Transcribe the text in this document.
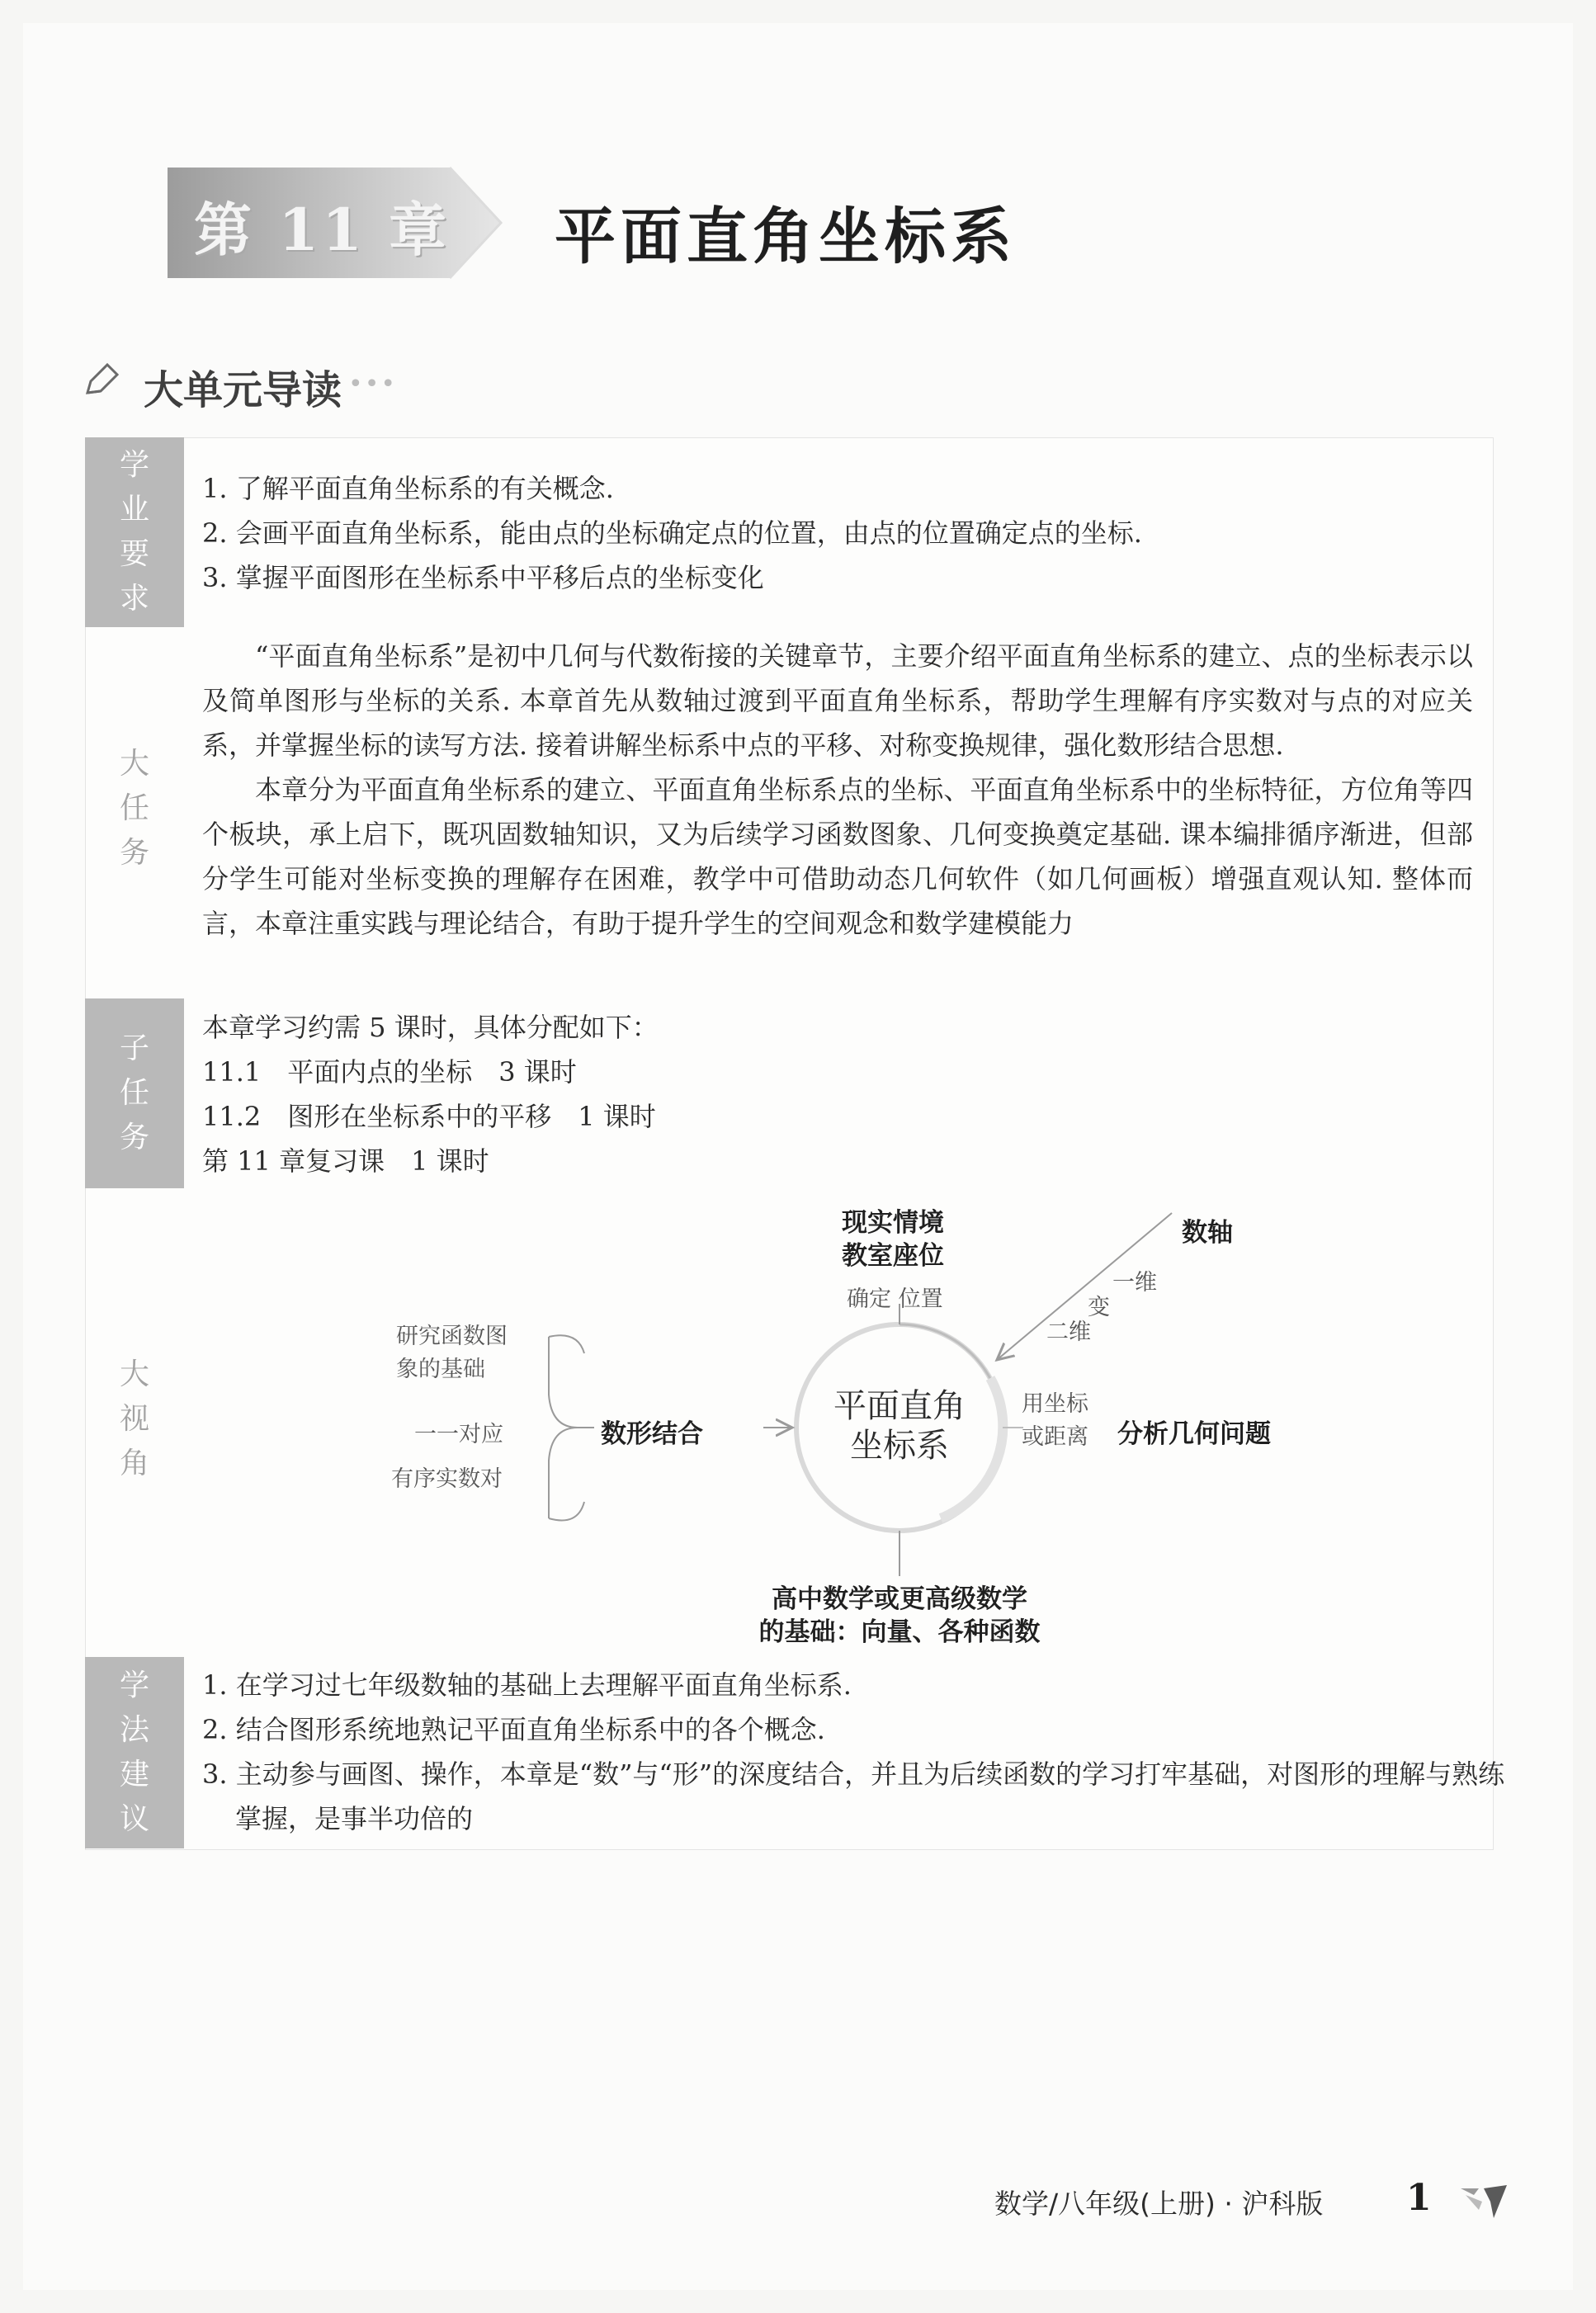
第 11 章 平面直角坐标系
大单元导读 •••
学
业
要
求

1. 了解平面直角坐标系的有关概念.

2. 会画平面直角坐标系，能由点的坐标确定点的位置，由点的位置确定点的坐标.

3. 掌握平面图形在坐标系中平移后点的坐标变化

大
任
务

“平面直角坐标系”是初中几何与代数衔接的关键章节，主要介绍平面直角坐标系的建立、点的坐标表示以及简单图形与坐标的关系. 本章首先从数轴过渡到平面直角坐标系，帮助学生理解有序实数对与点的对应关系，并掌握坐标的读写方法. 接着讲解坐标系中点的平移、对称变换规律，强化数形结合思想.

本章分为平面直角坐标系的建立、平面直角坐标系点的坐标、平面直角坐标系中的坐标特征，方位角等四个板块，承上启下，既巩固数轴知识，又为后续学习函数图象、几何变换奠定基础. 课本编排循序渐进，但部分学生可能对坐标变换的理解存在困难，教学中可借助动态几何软件（如几何画板）增强直观认知. 整体而言，本章注重实践与理论结合，有助于提升学生的空间观念和数学建模能力

子
任
务

本章学习约需 5 课时，具体分配如下：

11.1　平面内点的坐标　3 课时

11.2　图形在坐标系中的平移　1 课时

第 11 章复习课　1 课时

大
视
角
现实情境
教室座位
确定 位置
数轴
一维
变
二维
平面直角
坐标系
用坐标
或距离 分析几何问题
数形结合
研究函数图
象的基础
一一对应
有序实数对
高中数学或更高级数学
的基础：向量、各种函数
学
法
建
议

1. 在学习过七年级数轴的基础上去理解平面直角坐标系.

2. 结合图形系统地熟记平面直角坐标系中的各个概念.

3. 主动参与画图、操作，本章是“数”与“形”的深度结合，并且为后续函数的学习打牢基础，对图形的理解与熟练掌握，是事半功倍的

数学/八年级(上册) · 沪科版 1
